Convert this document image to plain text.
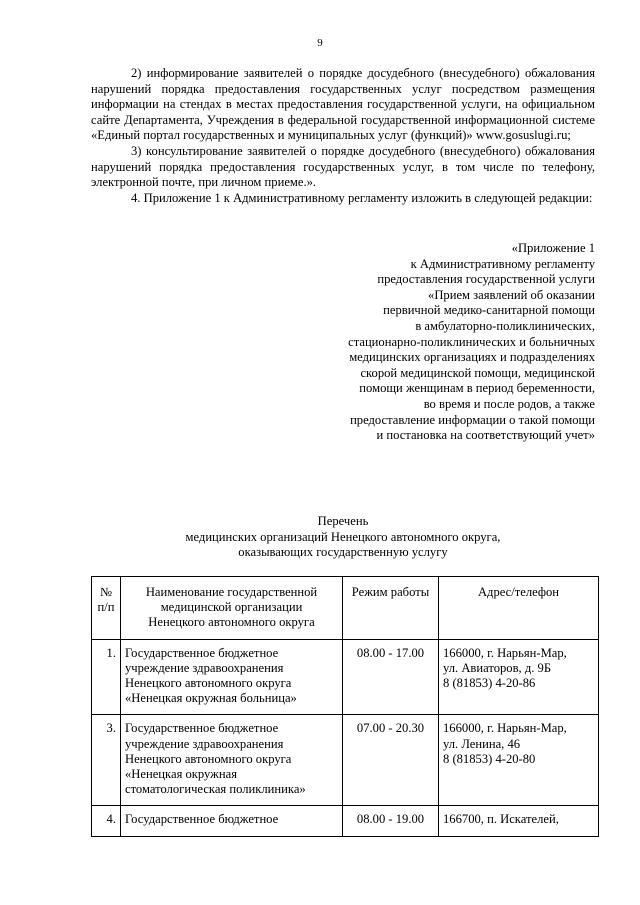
9

2) информирование заявителей о порядке досудебного (внесудебного) обжалования нарушений порядка предоставления государственных услуг посредством размещения информации на стендах в местах предоставления государственной услуги, на официальном сайте Департамента, Учреждения в федеральной государственной информационной системе «Единый портал государственных и муниципальных услуг (функций)» www.gosuslugi.ru;

3) консультирование заявителей о порядке досудебного (внесудебного) обжалования нарушений порядка предоставления государственных услуг, в том числе по телефону, электронной почте, при личном приеме.».

4. Приложение 1 к Административному регламенту изложить в следующей редакции:

«Приложение 1
к Административному регламенту
предоставления государственной услуги
«Прием заявлений об оказании
первичной медико-санитарной помощи
в амбулаторно-поликлинических,
стационарно-поликлинических и больничных
медицинских организациях и подразделениях
скорой медицинской помощи, медицинской
помощи женщинам в период беременности,
во время и после родов, а также
предоставление информации о такой помощи
и постановка на соответствующий учет»
Перечень
медицинских организаций Ненецкого автономного округа,
оказывающих государственную услугу
№
п/п	Наименование государственной
медицинской организации
Ненецкого автономного округа	Режим работы	Адрес/телефон

1.	Государственное бюджетное
учреждение здравоохранения
Ненецкого автономного округа
«Ненецкая окружная больница»	08.00 - 17.00	166000, г. Нарьян-Мар,
ул. Авиаторов, д. 9Б
8 (81853) 4-20-86

3.	Государственное бюджетное
учреждение здравоохранения
Ненецкого автономного округа
«Ненецкая окружная
стоматологическая поликлиника»	07.00 - 20.30	166000, г. Нарьян-Мар,
ул. Ленина, 46
8 (81853) 4-20-80

4.	Государственное бюджетное	08.00 - 19.00	166700, п. Искателей,
